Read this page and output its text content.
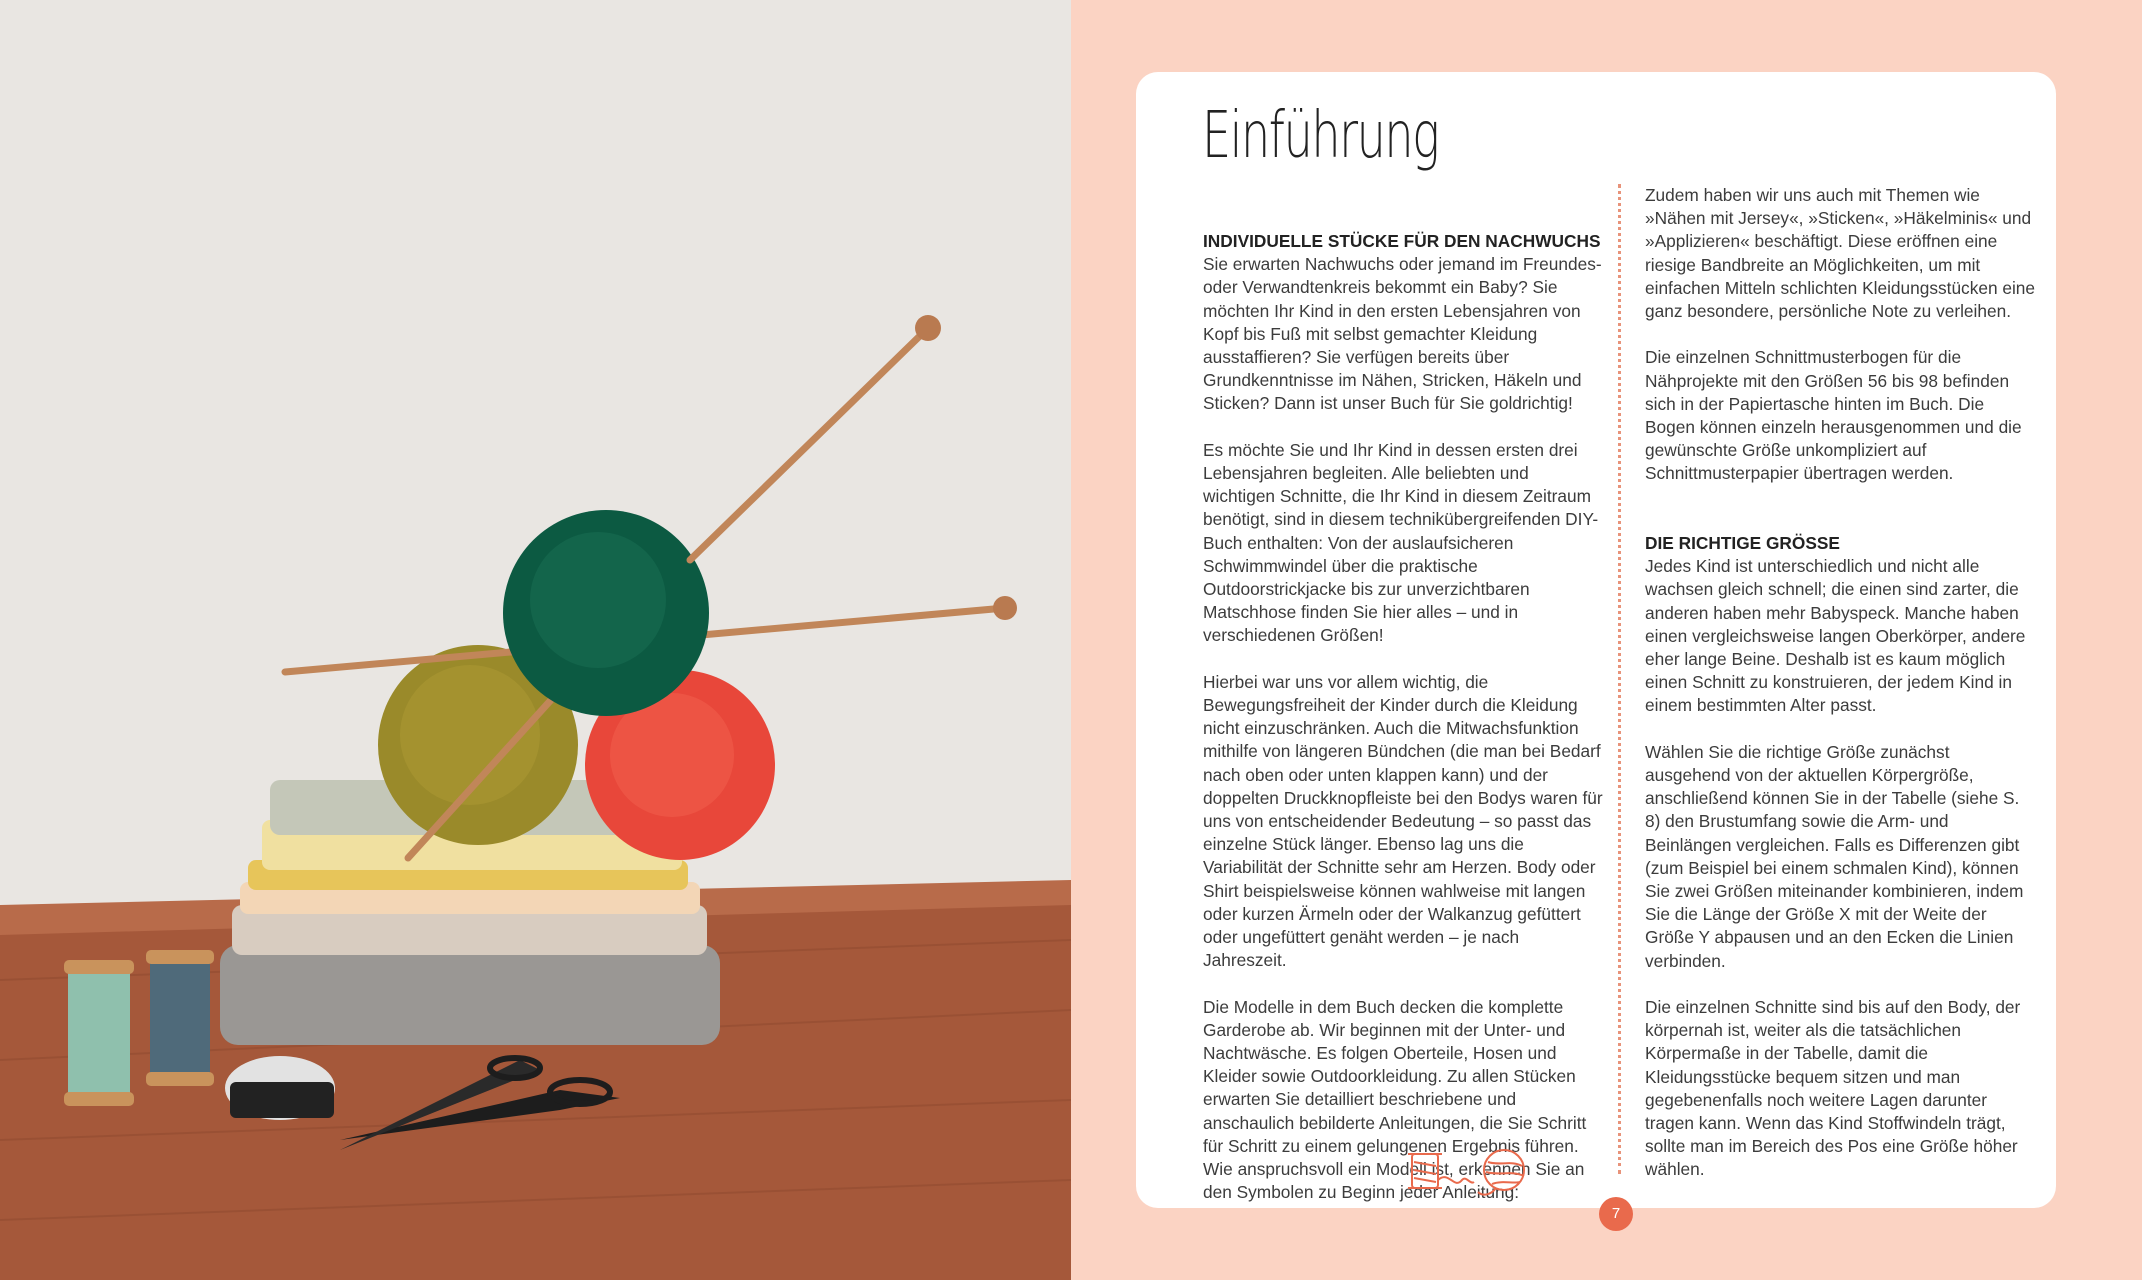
Einführung
INDIVIDUELLE STÜCKE FÜR DEN NACHWUCHS

Sie erwarten Nachwuchs oder jemand im Freundes- oder Verwandtenkreis bekommt ein Baby? Sie möchten Ihr Kind in den ersten Lebensjahren von Kopf bis Fuß mit selbst gemachter Kleidung ausstaffieren? Sie verfügen bereits über Grundkenntnisse im Nähen, Stricken, Häkeln und Sticken? Dann ist unser Buch für Sie goldrichtig!

Es möchte Sie und Ihr Kind in dessen ersten drei Lebensjahren begleiten. Alle beliebten und wichtigen Schnitte, die Ihr Kind in diesem Zeitraum benötigt, sind in diesem technikübergreifenden DIY-Buch enthalten: Von der auslaufsicheren Schwimmwindel über die praktische Outdoorstrickjacke bis zur unverzichtbaren Matschhose finden Sie hier alles – und in verschiedenen Größen!

Hierbei war uns vor allem wichtig, die Bewegungsfreiheit der Kinder durch die Kleidung nicht einzuschränken. Auch die Mitwachsfunktion mithilfe von längeren Bündchen (die man bei Bedarf nach oben oder unten klappen kann) und der doppelten Druckknopfleiste bei den Bodys waren für uns von entscheidender Bedeutung – so passt das einzelne Stück länger. Ebenso lag uns die Variabilität der Schnitte sehr am Herzen. Body oder Shirt beispielsweise können wahlweise mit langen oder kurzen Ärmeln oder der Walkanzug gefüttert oder ungefüttert genäht werden – je nach Jahreszeit.

Die Modelle in dem Buch decken die komplette Garderobe ab. Wir beginnen mit der Unter- und Nachtwäsche. Es folgen Oberteile, Hosen und Kleider sowie Outdoorkleidung. Zu allen Stücken erwarten Sie detailliert beschriebene und anschaulich bebilderte Anleitungen, die Sie Schritt für Schritt zu einem gelungenen Ergebnis führen. Wie anspruchsvoll ein Modell ist, erkennen Sie an den Symbolen zu Beginn jeder Anleitung:

Zudem haben wir uns auch mit Themen wie »Nähen mit Jersey«, »Sticken«, »Häkelminis« und »Applizieren« beschäftigt. Diese eröffnen eine riesige Bandbreite an Möglichkeiten, um mit einfachen Mitteln schlichten Kleidungsstücken eine ganz besondere, persönliche Note zu verleihen.

Die einzelnen Schnittmusterbogen für die Nähprojekte mit den Größen 56 bis 98 befinden sich in der Papiertasche hinten im Buch. Die Bogen können einzeln herausgenommen und die gewünschte Größe unkompliziert auf Schnittmusterpapier übertragen werden.

DIE RICHTIGE GRÖSSE

Jedes Kind ist unterschiedlich und nicht alle wachsen gleich schnell; die einen sind zarter, die anderen haben mehr Babyspeck. Manche haben einen vergleichsweise langen Oberkörper, andere eher lange Beine. Deshalb ist es kaum möglich einen Schnitt zu konstruieren, der jedem Kind in einem bestimmten Alter passt.

Wählen Sie die richtige Größe zunächst ausgehend von der aktuellen Körpergröße, anschließend können Sie in der Tabelle (siehe S. 8) den Brustumfang sowie die Arm- und Beinlängen vergleichen. Falls es Differenzen gibt (zum Beispiel bei einem schmalen Kind), können Sie zwei Größen miteinander kombinieren, indem Sie die Länge der Größe X mit der Weite der Größe Y abpausen und an den Ecken die Linien verbinden.

Die einzelnen Schnitte sind bis auf den Body, der körpernah ist, weiter als die tatsächlichen Körpermaße in der Tabelle, damit die Kleidungsstücke bequem sitzen und man gegebenenfalls noch weitere Lagen darunter tragen kann. Wenn das Kind Stoffwindeln trägt, sollte man im Bereich des Pos eine Größe höher wählen.

7
